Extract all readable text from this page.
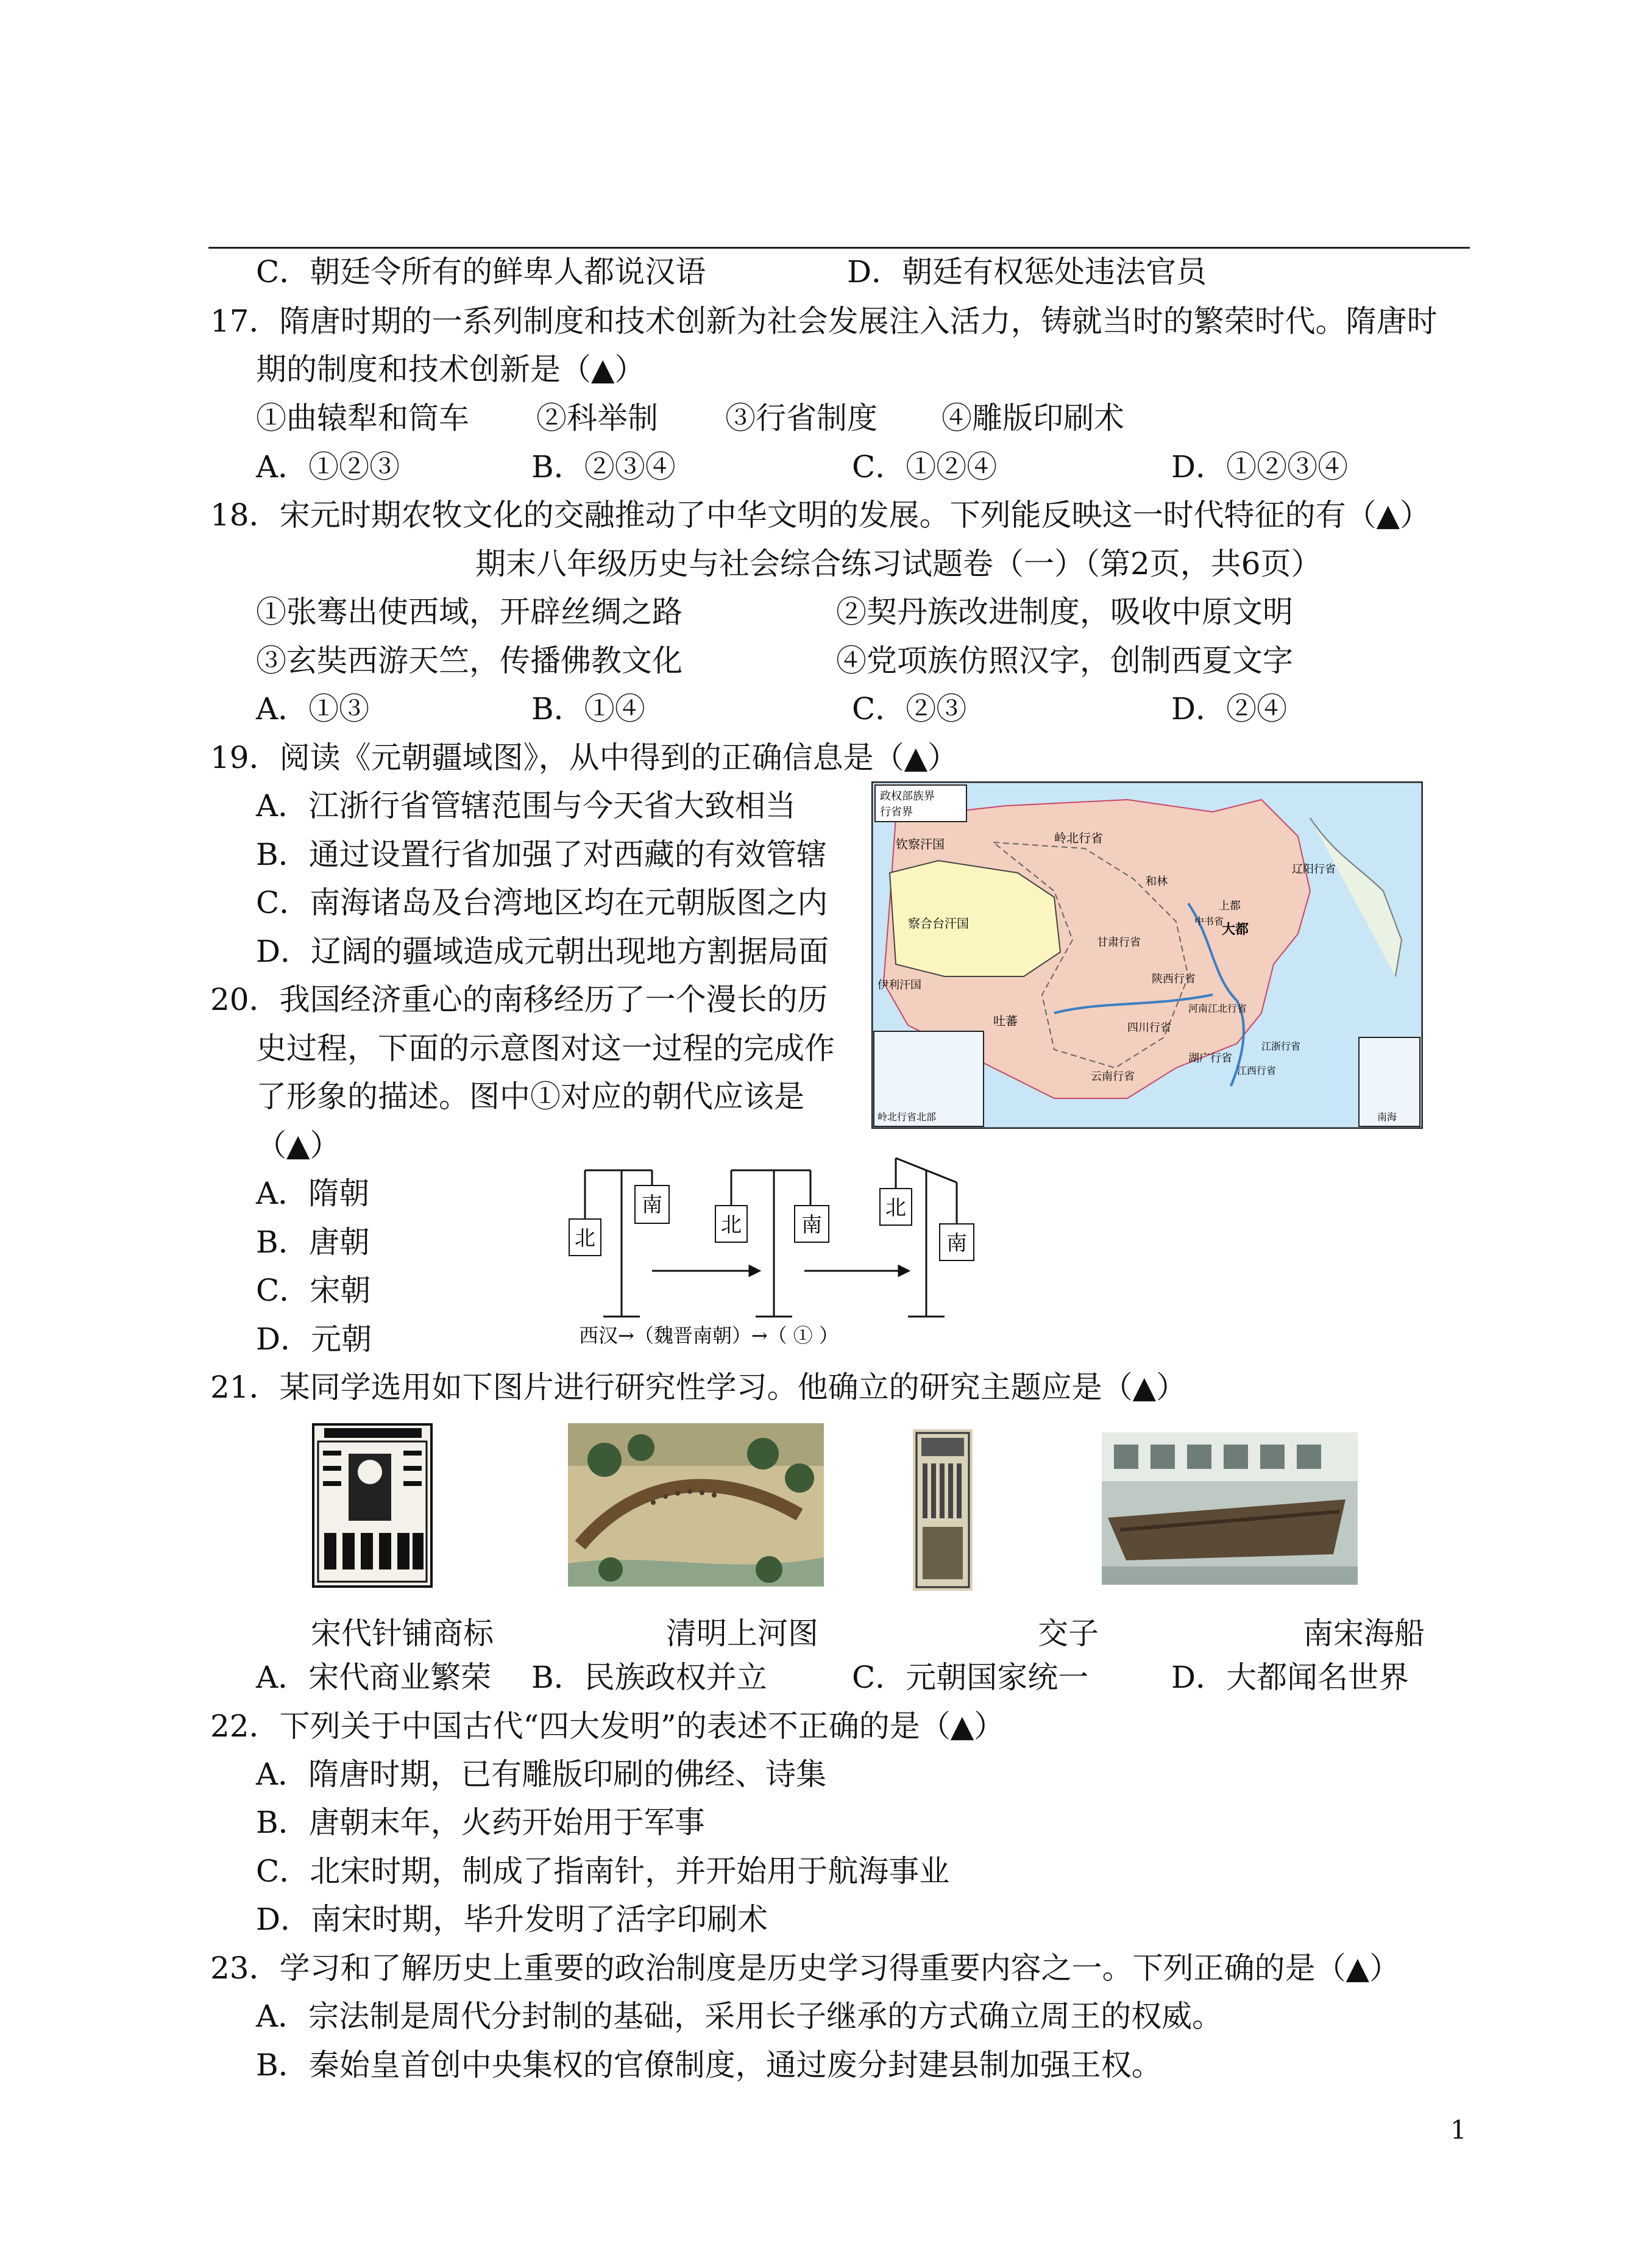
C．朝廷令所有的鲜卑人都说汉语	D．朝廷有权惩处违法官员
17．隋唐时期的一系列制度和技术创新为社会发展注入活力，铸就当时的繁荣时代。隋唐时
期的制度和技术创新是（▲）
①曲辕犁和筒车 ②科举制 ③行省制度 ④雕版印刷术
A．①②③	B．②③④	C．①②④	D．①②③④
18．宋元时期农牧文化的交融推动了中华文明的发展。下列能反映这一时代特征的有（▲）
期末八年级历史与社会综合练习试题卷（一）（第2页，共6页）
①张骞出使西域，开辟丝绸之路	②契丹族改进制度，吸收中原文明
③玄奘西游天竺，传播佛教文化	④党项族仿照汉字，创制西夏文字
A．①③	B．①④	C．②③	D．②④
19．阅读《元朝疆域图》，从中得到的正确信息是（▲）
A．江浙行省管辖范围与今天省大致相当
B．通过设置行省加强了对西藏的有效管辖
C．南海诸岛及台湾地区均在元朝版图之内
D．辽阔的疆域造成元朝出现地方割据局面
政权部族界
行省界
钦察汗国	岭北行省
辽阳行省
和林
察合台汗国
上都
大都
中书省
伊利汗国
甘肃行省
陕西行省
河南江北行省
吐蕃	四川行省
湖广行省
江浙行省
江西行省
云南行省
岭北行省北部	南海
20．我国经济重心的南移经历了一个漫长的历
史过程，下面的示意图对这一过程的完成作
了形象的描述。图中①对应的朝代应该是
（▲）
A．隋朝
B．唐朝
C．宋朝
D．元朝
北
南
北	南
北
南
西汉→（魏晋南朝）→（ ① ）
21．某同学选用如下图片进行研究性学习。他确立的研究主题应是（▲）
宋代针铺商标	清明上河图	交子	南宋海船
A．宋代商业繁荣 B．民族政权并立	C．元朝国家统一	D．大都闻名世界
22．下列关于中国古代“四大发明”的表述不正确的是（▲）
A．隋唐时期，已有雕版印刷的佛经、诗集
B．唐朝末年，火药开始用于军事
C．北宋时期，制成了指南针，并开始用于航海事业
D．南宋时期，毕升发明了活字印刷术
23．学习和了解历史上重要的政治制度是历史学习得重要内容之一。下列正确的是（▲）
A．宗法制是周代分封制的基础，采用长子继承的方式确立周王的权威。
B．秦始皇首创中央集权的官僚制度，通过废分封建县制加强王权。
1
